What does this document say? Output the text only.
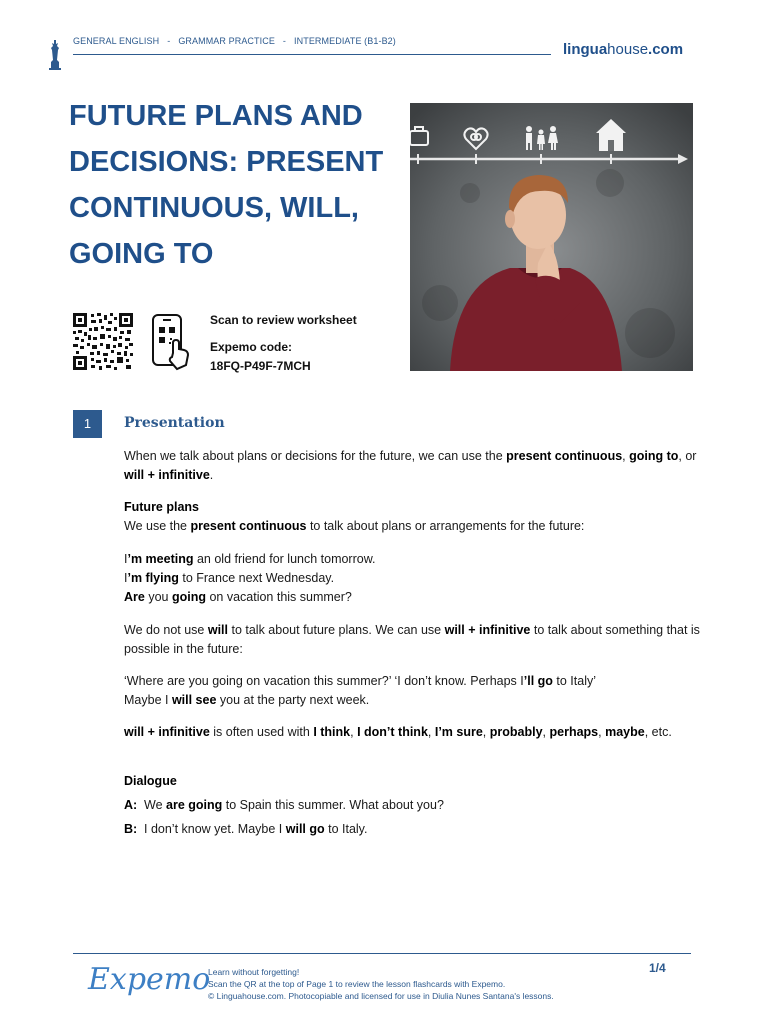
GENERAL ENGLISH - GRAMMAR PRACTICE - INTERMEDIATE (B1-B2)	linguahouse.com
FUTURE PLANS AND
DECISIONS: PRESENT
CONTINUOUS, WILL,
GOING TO
Scan to review worksheet
Expemo code:
18FQ-P49F-7MCH
1	Presentation
When we talk about plans or decisions for the future, we can use the present continuous, going to, or will + infinitive.
Future plans
We use the present continuous to talk about plans or arrangements for the future:
I’m meeting an old friend for lunch tomorrow.
I’m flying to France next Wednesday.
Are you going on vacation this summer?
We do not use will to talk about future plans. We can use will + infinitive to talk about something that is possible in the future:
‘Where are you going on vacation this summer?’ ‘I don’t know. Perhaps I’ll go to Italy’
Maybe I will see you at the party next week.
will + infinitive is often used with I think, I don’t think, I’m sure, probably, perhaps, maybe, etc.
Dialogue
A: We are going to Spain this summer. What about you?
B: I don’t know yet. Maybe I will go to Italy.
Expemo
Learn without forgetting!
Scan the QR at the top of Page 1 to review the lesson flashcards with Expemo.
© Linguahouse.com. Photocopiable and licensed for use in Diulia Nunes Santana's lessons.
1/4
